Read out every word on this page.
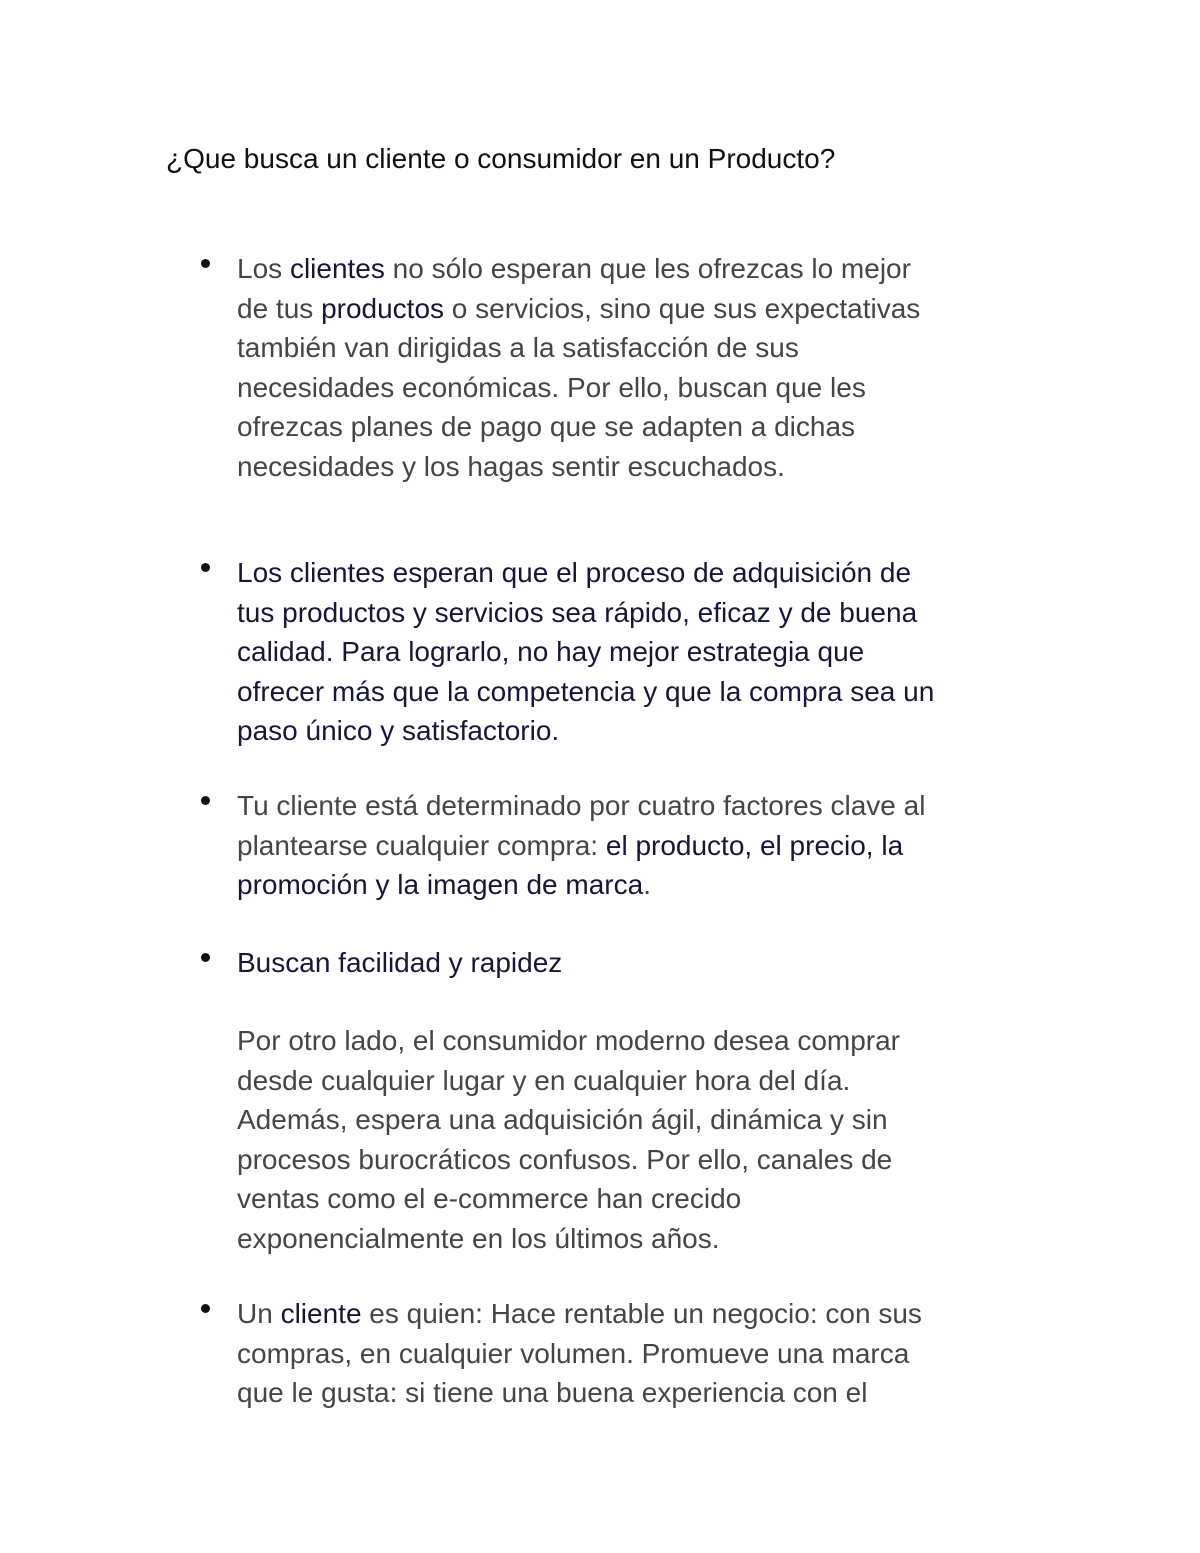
¿Que busca un cliente o consumidor en un Producto?
Los clientes no sólo esperan que les ofrezcas lo mejor
de tus productos o servicios, sino que sus expectativas
también van dirigidas a la satisfacción de sus
necesidades económicas. Por ello, buscan que les
ofrezcas planes de pago que se adapten a dichas
necesidades y los hagas sentir escuchados.
Los clientes esperan que el proceso de adquisición de
tus productos y servicios sea rápido, eficaz y de buena
calidad. Para lograrlo, no hay mejor estrategia que
ofrecer más que la competencia y que la compra sea un
paso único y satisfactorio.
Tu cliente está determinado por cuatro factores clave al
plantearse cualquier compra: el producto, el precio, la
promoción y la imagen de marca.
Buscan facilidad y rapidez
Por otro lado, el consumidor moderno desea comprar
desde cualquier lugar y en cualquier hora del día.
Además, espera una adquisición ágil, dinámica y sin
procesos burocráticos confusos. Por ello, canales de
ventas como el e-commerce han crecido
exponencialmente en los últimos años.
Un cliente es quien: Hace rentable un negocio: con sus
compras, en cualquier volumen. Promueve una marca
que le gusta: si tiene una buena experiencia con el
